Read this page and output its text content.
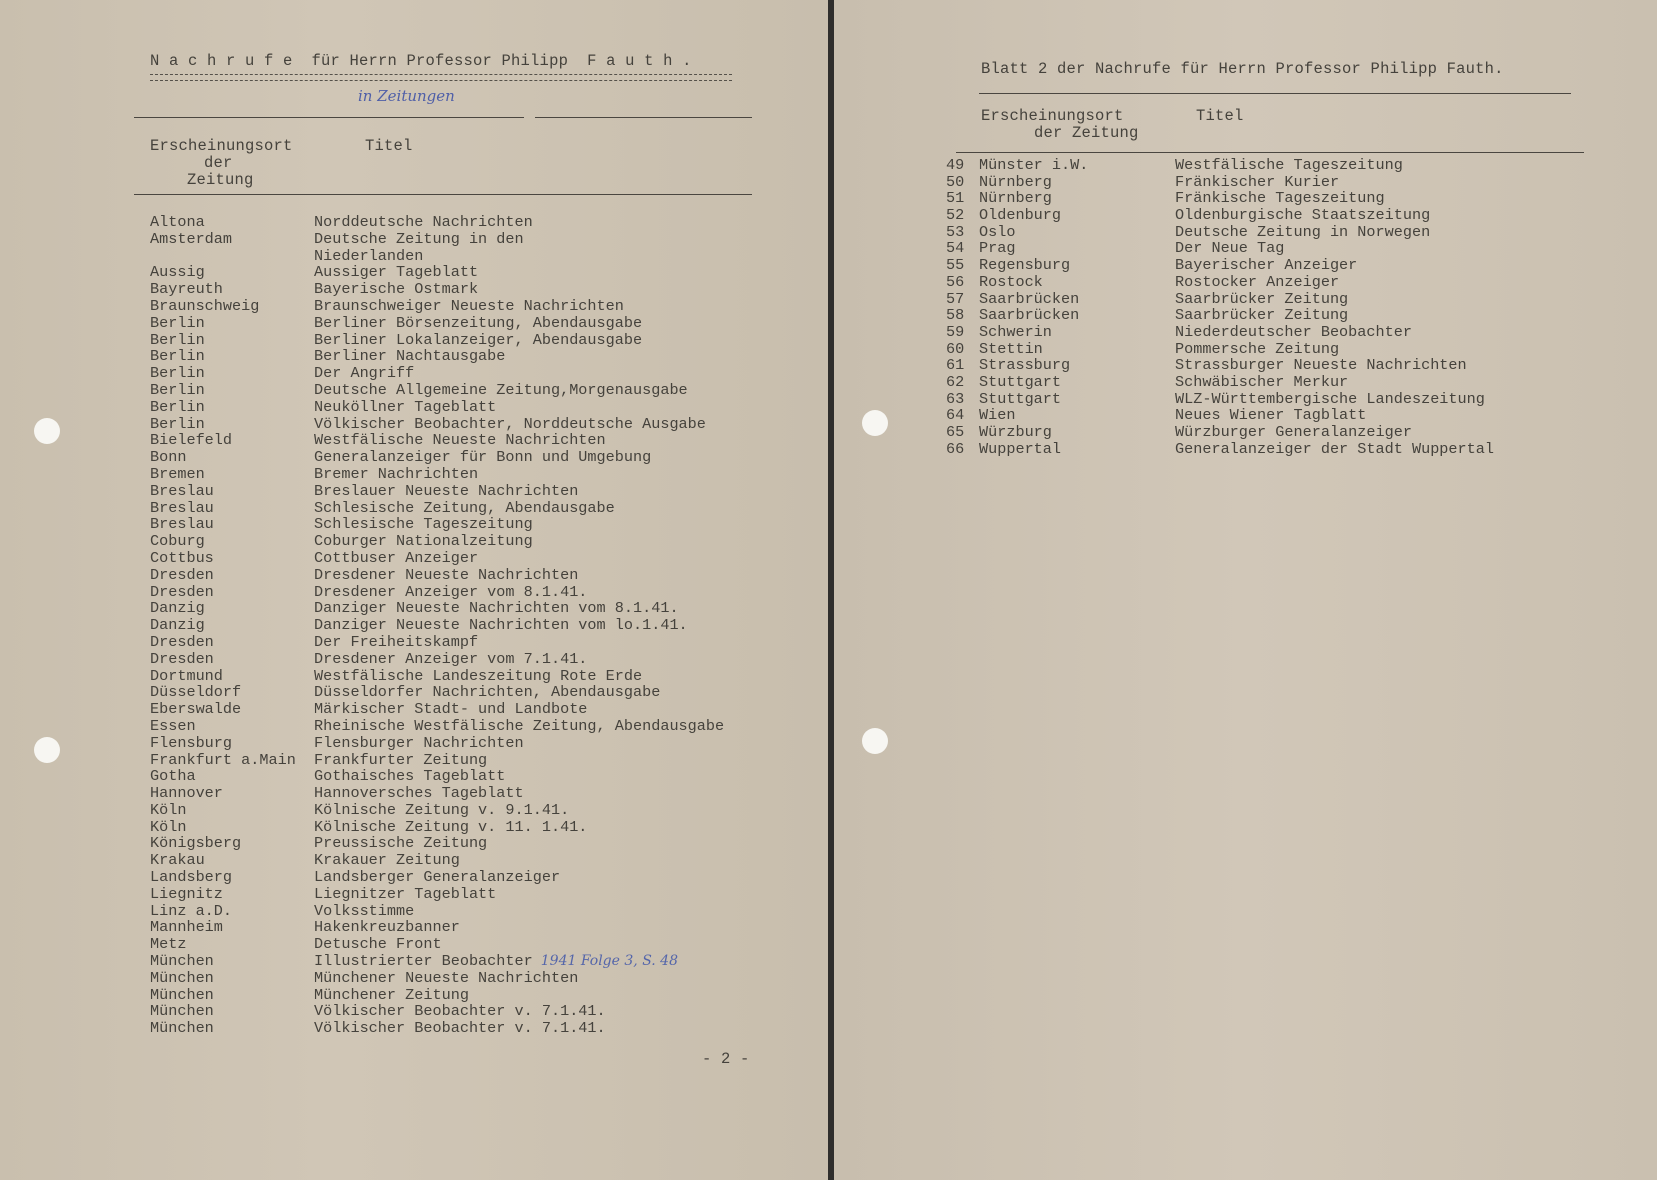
N a c h r u f e  für Herrn Professor Philipp  F a u t h .
in Zeitungen
Erscheinungsort
der
Zeitung
Titel
Altona	Norddeutsche Nachrichten
Amsterdam	Deutsche Zeitung in den
Niederlanden
Aussig	Aussiger Tageblatt
Bayreuth	Bayerische Ostmark
Braunschweig	Braunschweiger Neueste Nachrichten
Berlin	Berliner Börsenzeitung, Abendausgabe
Berlin	Berliner Lokalanzeiger, Abendausgabe
Berlin	Berliner Nachtausgabe
Berlin	Der Angriff
Berlin	Deutsche Allgemeine Zeitung,Morgenausgabe
Berlin	Neuköllner Tageblatt
Berlin	Völkischer Beobachter, Norddeutsche Ausgabe
Bielefeld	Westfälische Neueste Nachrichten
Bonn	Generalanzeiger für Bonn und Umgebung
Bremen	Bremer Nachrichten
Breslau	Breslauer Neueste Nachrichten
Breslau	Schlesische Zeitung, Abendausgabe
Breslau	Schlesische Tageszeitung
Coburg	Coburger Nationalzeitung
Cottbus	Cottbuser Anzeiger
Dresden	Dresdener Neueste Nachrichten
Dresden	Dresdener Anzeiger vom 8.1.41.
Danzig	Danziger Neueste Nachrichten vom 8.1.41.
Danzig	Danziger Neueste Nachrichten vom lo.1.41.
Dresden	Der Freiheitskampf
Dresden	Dresdener Anzeiger vom 7.1.41.
Dortmund	Westfälische Landeszeitung Rote Erde
Düsseldorf	Düsseldorfer Nachrichten, Abendausgabe
Eberswalde	Märkischer Stadt- und Landbote
Essen	Rheinische Westfälische Zeitung, Abendausgabe
Flensburg	Flensburger Nachrichten
Frankfurt a.Main	Frankfurter Zeitung
Gotha	Gothaisches Tageblatt
Hannover	Hannoversches Tageblatt
Köln	Kölnische Zeitung v. 9.1.41.
Köln	Kölnische Zeitung v. 11. 1.41.
Königsberg	Preussische Zeitung
Krakau	Krakauer Zeitung
Landsberg	Landsberger Generalanzeiger
Liegnitz	Liegnitzer Tageblatt
Linz a.D.	Volksstimme
Mannheim	Hakenkreuzbanner
Metz	Detusche Front
München	Illustrierter Beobachter 1941 Folge 3, S. 48
München	Münchener Neueste Nachrichten
München	Münchener Zeitung
München	Völkischer Beobachter v. 7.1.41.
München	Völkischer Beobachter v. 7.1.41.
- 2 -
Blatt 2 der Nachrufe für Herrn Professor Philipp Fauth.
Erscheinungsort
der Zeitung
Titel
49 Münster i.W.	Westfälische Tageszeitung
50 Nürnberg	Fränkischer Kurier
51 Nürnberg	Fränkische Tageszeitung
52 Oldenburg	Oldenburgische Staatszeitung
53 Oslo	Deutsche Zeitung in Norwegen
54 Prag	Der Neue Tag
55 Regensburg	Bayerischer Anzeiger
56 Rostock	Rostocker Anzeiger
57 Saarbrücken	Saarbrücker Zeitung
58 Saarbrücken	Saarbrücker Zeitung
59 Schwerin	Niederdeutscher Beobachter
60 Stettin	Pommersche Zeitung
61 Strassburg	Strassburger Neueste Nachrichten
62 Stuttgart	Schwäbischer Merkur
63 Stuttgart	WLZ-Württembergische Landeszeitung
64 Wien	Neues Wiener Tagblatt
65 Würzburg	Würzburger Generalanzeiger
66 Wuppertal	Generalanzeiger der Stadt Wuppertal
